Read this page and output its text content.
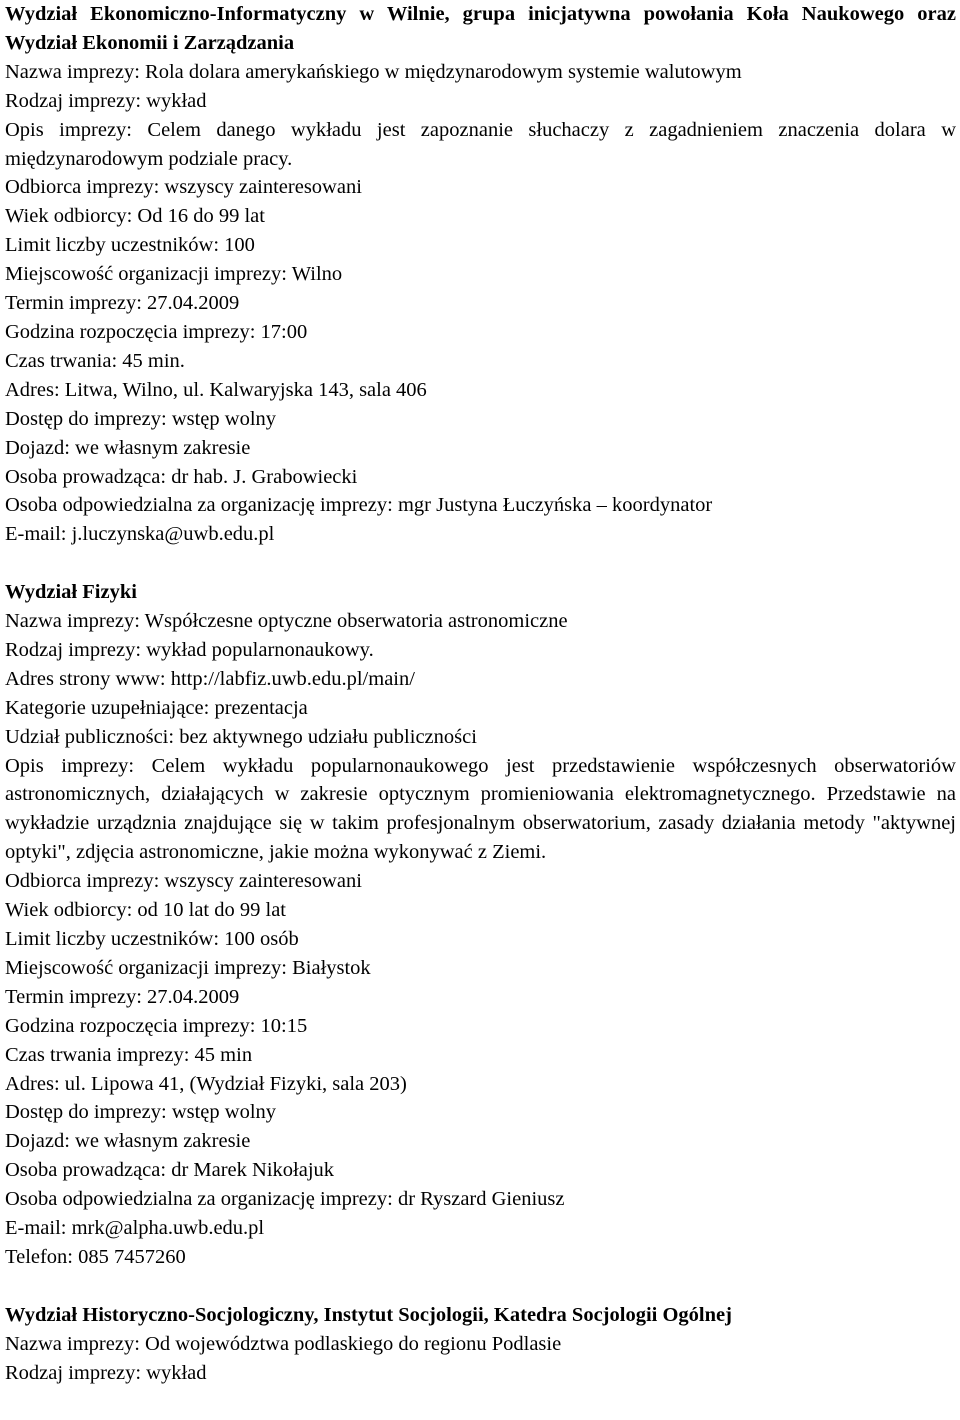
Wydział Ekonomiczno-Informatyczny w Wilnie, grupa inicjatywna powołania Koła Naukowego oraz Wydział Ekonomii i Zarządzania

Nazwa imprezy: Rola dolara amerykańskiego w międzynarodowym systemie walutowym

Rodzaj imprezy: wykład

Opis imprezy: Celem danego wykładu jest zapoznanie słuchaczy z zagadnieniem znaczenia dolara w międzynarodowym podziale pracy.

Odbiorca imprezy: wszyscy zainteresowani

Wiek odbiorcy: Od 16 do 99 lat

Limit liczby uczestników: 100

Miejscowość organizacji imprezy: Wilno

Termin imprezy: 27.04.2009

Godzina rozpoczęcia imprezy: 17:00

Czas trwania: 45 min.

Adres: Litwa, Wilno, ul. Kalwaryjska 143, sala 406

Dostęp do imprezy: wstęp wolny

Dojazd: we własnym zakresie

Osoba prowadząca: dr hab. J. Grabowiecki

Osoba odpowiedzialna za organizację imprezy: mgr Justyna Łuczyńska – koordynator

E-mail: j.luczynska@uwb.edu.pl

Wydział Fizyki

Nazwa imprezy: Współczesne optyczne obserwatoria astronomiczne

Rodzaj imprezy: wykład popularnonaukowy.

Adres strony www: http://labfiz.uwb.edu.pl/main/

Kategorie uzupełniające: prezentacja

Udział publiczności: bez aktywnego udziału publiczności

Opis imprezy: Celem wykładu popularnonaukowego jest przedstawienie współczesnych obserwatoriów astronomicznych, działających w zakresie optycznym promieniowania elektromagnetycznego. Przedstawie na wykładzie urządznia znajdujące się w takim profesjonalnym obserwatorium, zasady działania metody "aktywnej optyki", zdjęcia astronomiczne, jakie można wykonywać z Ziemi.

Odbiorca imprezy: wszyscy zainteresowani

Wiek odbiorcy: od 10 lat do 99 lat

Limit liczby uczestników: 100 osób

Miejscowość organizacji imprezy: Białystok

Termin imprezy: 27.04.2009

Godzina rozpoczęcia imprezy: 10:15

Czas trwania imprezy: 45 min

Adres: ul. Lipowa 41, (Wydział Fizyki, sala 203)

Dostęp do imprezy: wstęp wolny

Dojazd: we własnym zakresie

Osoba prowadząca: dr Marek Nikołajuk

Osoba odpowiedzialna za organizację imprezy: dr Ryszard Gieniusz

E-mail: mrk@alpha.uwb.edu.pl

Telefon: 085 7457260

Wydział Historyczno-Socjologiczny, Instytut Socjologii, Katedra Socjologii Ogólnej

Nazwa imprezy: Od województwa podlaskiego do regionu Podlasie

Rodzaj imprezy: wykład
